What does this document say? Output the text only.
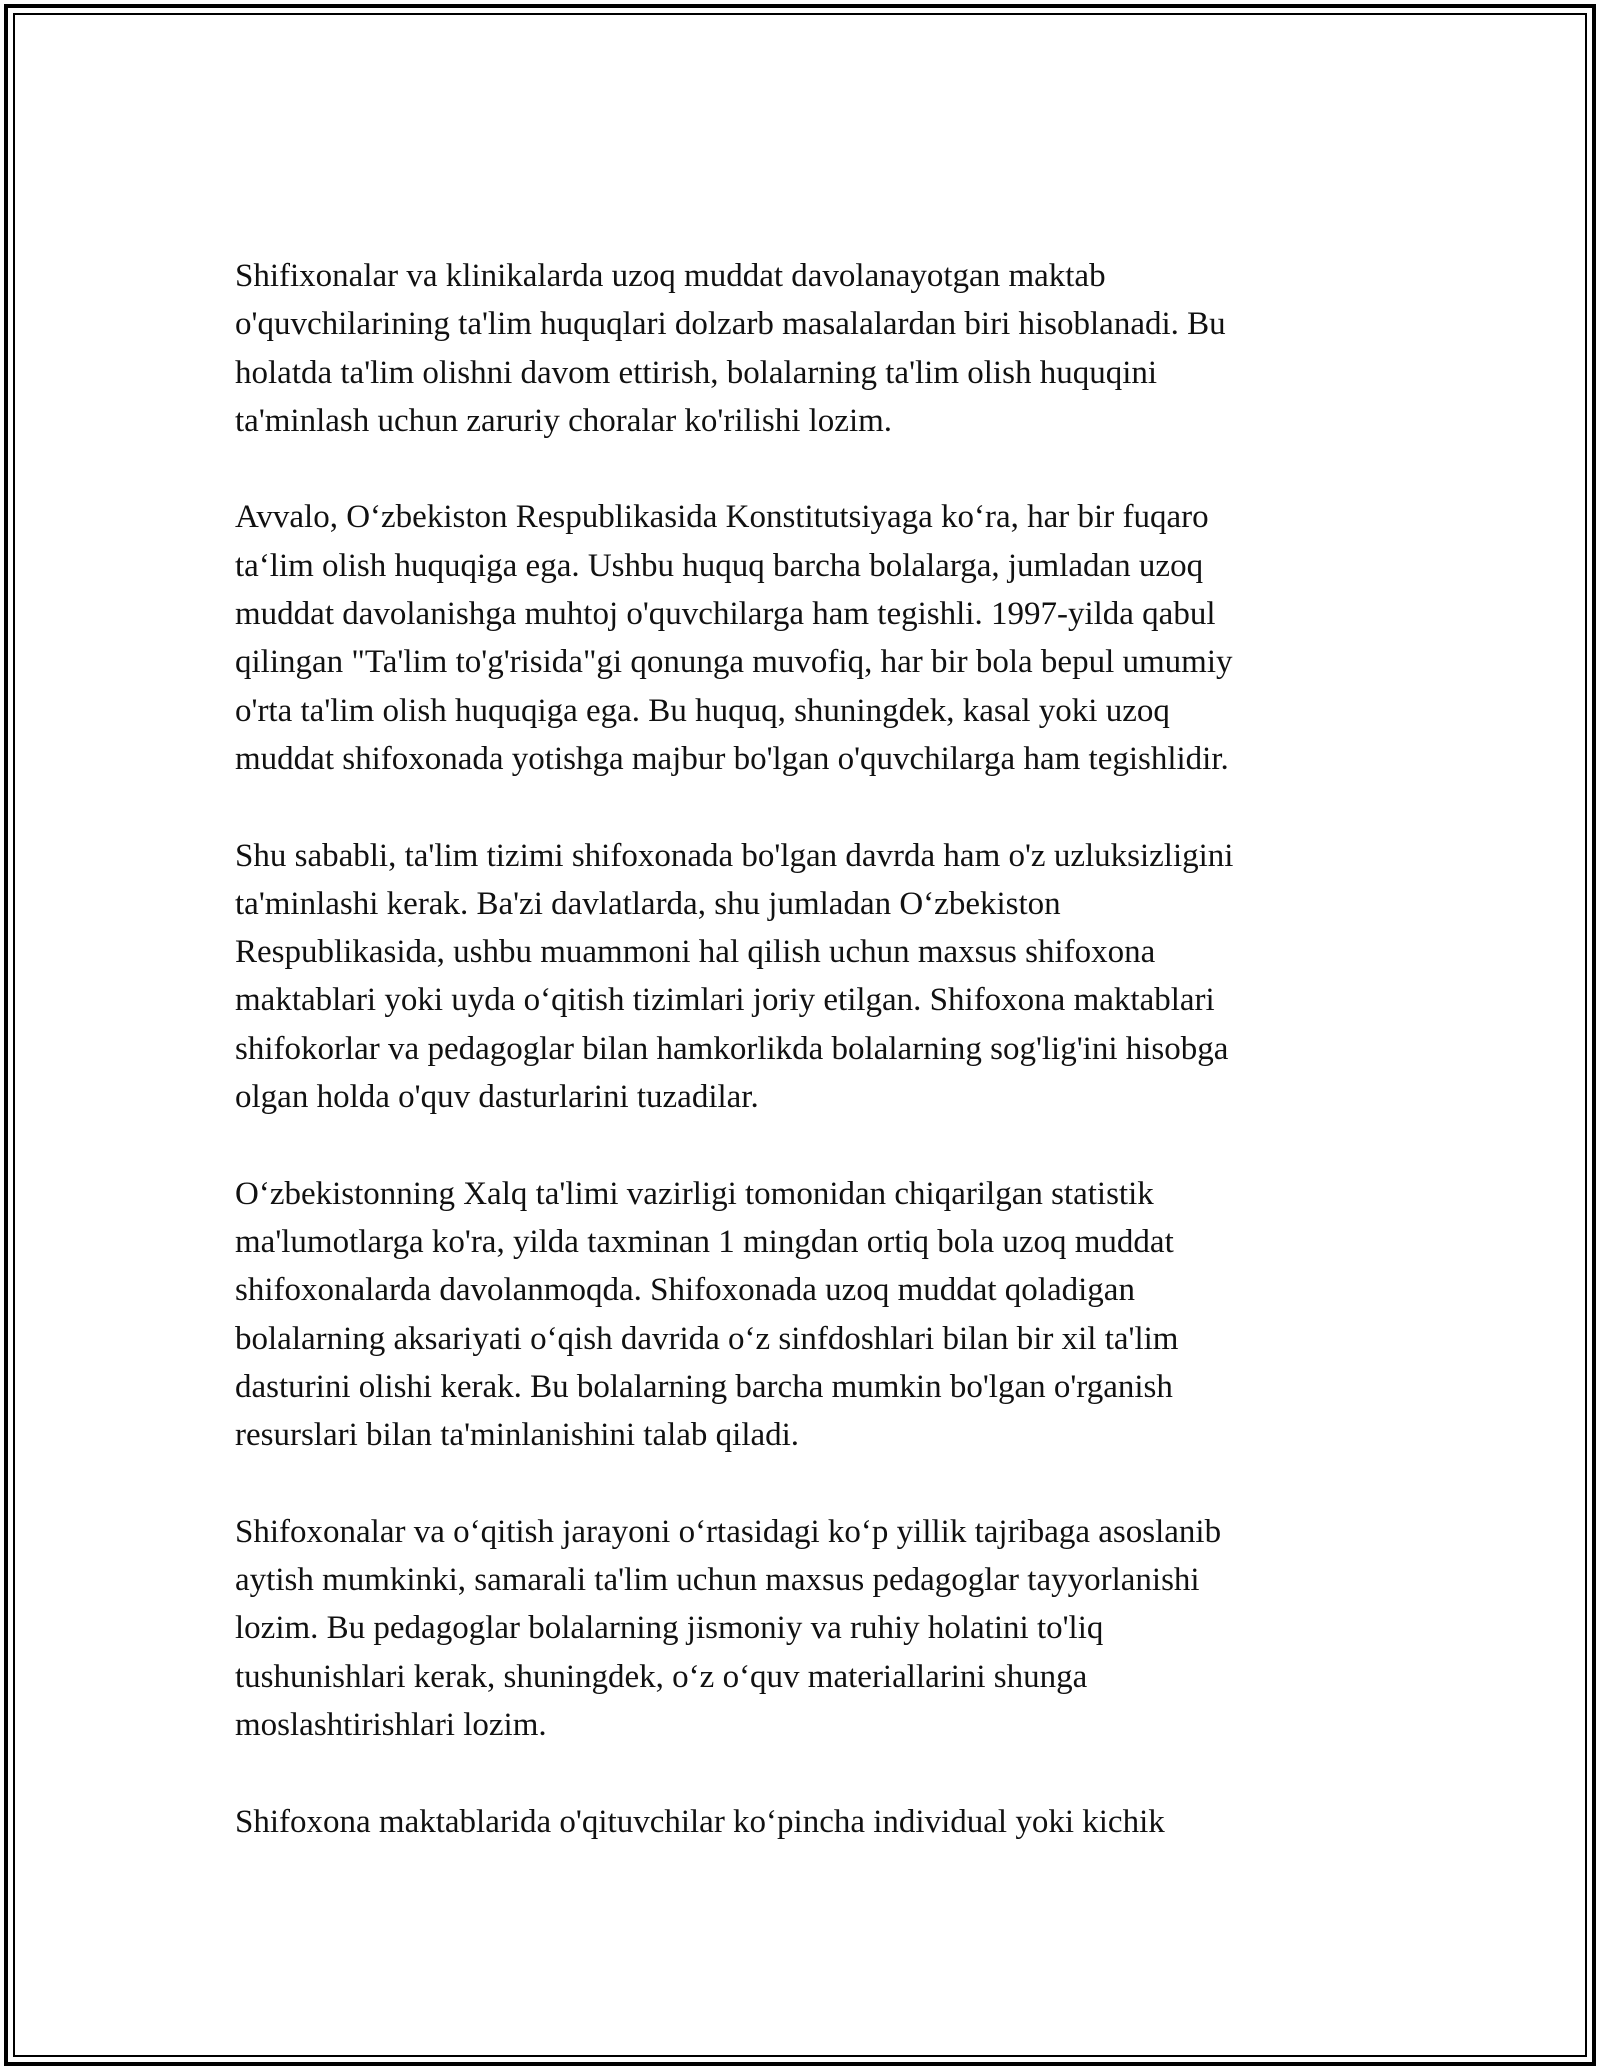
Shifixonalar va klinikalarda uzoq muddat davolanayotgan maktab
o'quvchilarining ta'lim huquqlari dolzarb masalalardan biri hisoblanadi. Bu
holatda ta'lim olishni davom ettirish, bolalarning ta'lim olish huquqini
ta'minlash uchun zaruriy choralar ko'rilishi lozim.

Avvalo, O‘zbekiston Respublikasida Konstitutsiyaga ko‘ra, har bir fuqaro
ta‘lim olish huquqiga ega. Ushbu huquq barcha bolalarga, jumladan uzoq
muddat davolanishga muhtoj o'quvchilarga ham tegishli. 1997-yilda qabul
qilingan "Ta'lim to'g'risida"gi qonunga muvofiq, har bir bola bepul umumiy
o'rta ta'lim olish huquqiga ega. Bu huquq, shuningdek, kasal yoki uzoq
muddat shifoxonada yotishga majbur bo'lgan o'quvchilarga ham tegishlidir.

Shu sababli, ta'lim tizimi shifoxonada bo'lgan davrda ham o'z uzluksizligini
ta'minlashi kerak. Ba'zi davlatlarda, shu jumladan O‘zbekiston
Respublikasida, ushbu muammoni hal qilish uchun maxsus shifoxona
maktablari yoki uyda o‘qitish tizimlari joriy etilgan. Shifoxona maktablari
shifokorlar va pedagoglar bilan hamkorlikda bolalarning sog'lig'ini hisobga
olgan holda o'quv dasturlarini tuzadilar.

O‘zbekistonning Xalq ta'limi vazirligi tomonidan chiqarilgan statistik
ma'lumotlarga ko'ra, yilda taxminan 1 mingdan ortiq bola uzoq muddat
shifoxonalarda davolanmoqda. Shifoxonada uzoq muddat qoladigan
bolalarning aksariyati o‘qish davrida o‘z sinfdoshlari bilan bir xil ta'lim
dasturini olishi kerak. Bu bolalarning barcha mumkin bo'lgan o'rganish
resurslari bilan ta'minlanishini talab qiladi.

Shifoxonalar va o‘qitish jarayoni o‘rtasidagi ko‘p yillik tajribaga asoslanib
aytish mumkinki, samarali ta'lim uchun maxsus pedagoglar tayyorlanishi
lozim. Bu pedagoglar bolalarning jismoniy va ruhiy holatini to'liq
tushunishlari kerak, shuningdek, o‘z o‘quv materiallarini shunga
moslashtirishlari lozim.

Shifoxona maktablarida o'qituvchilar ko‘pincha individual yoki kichik
